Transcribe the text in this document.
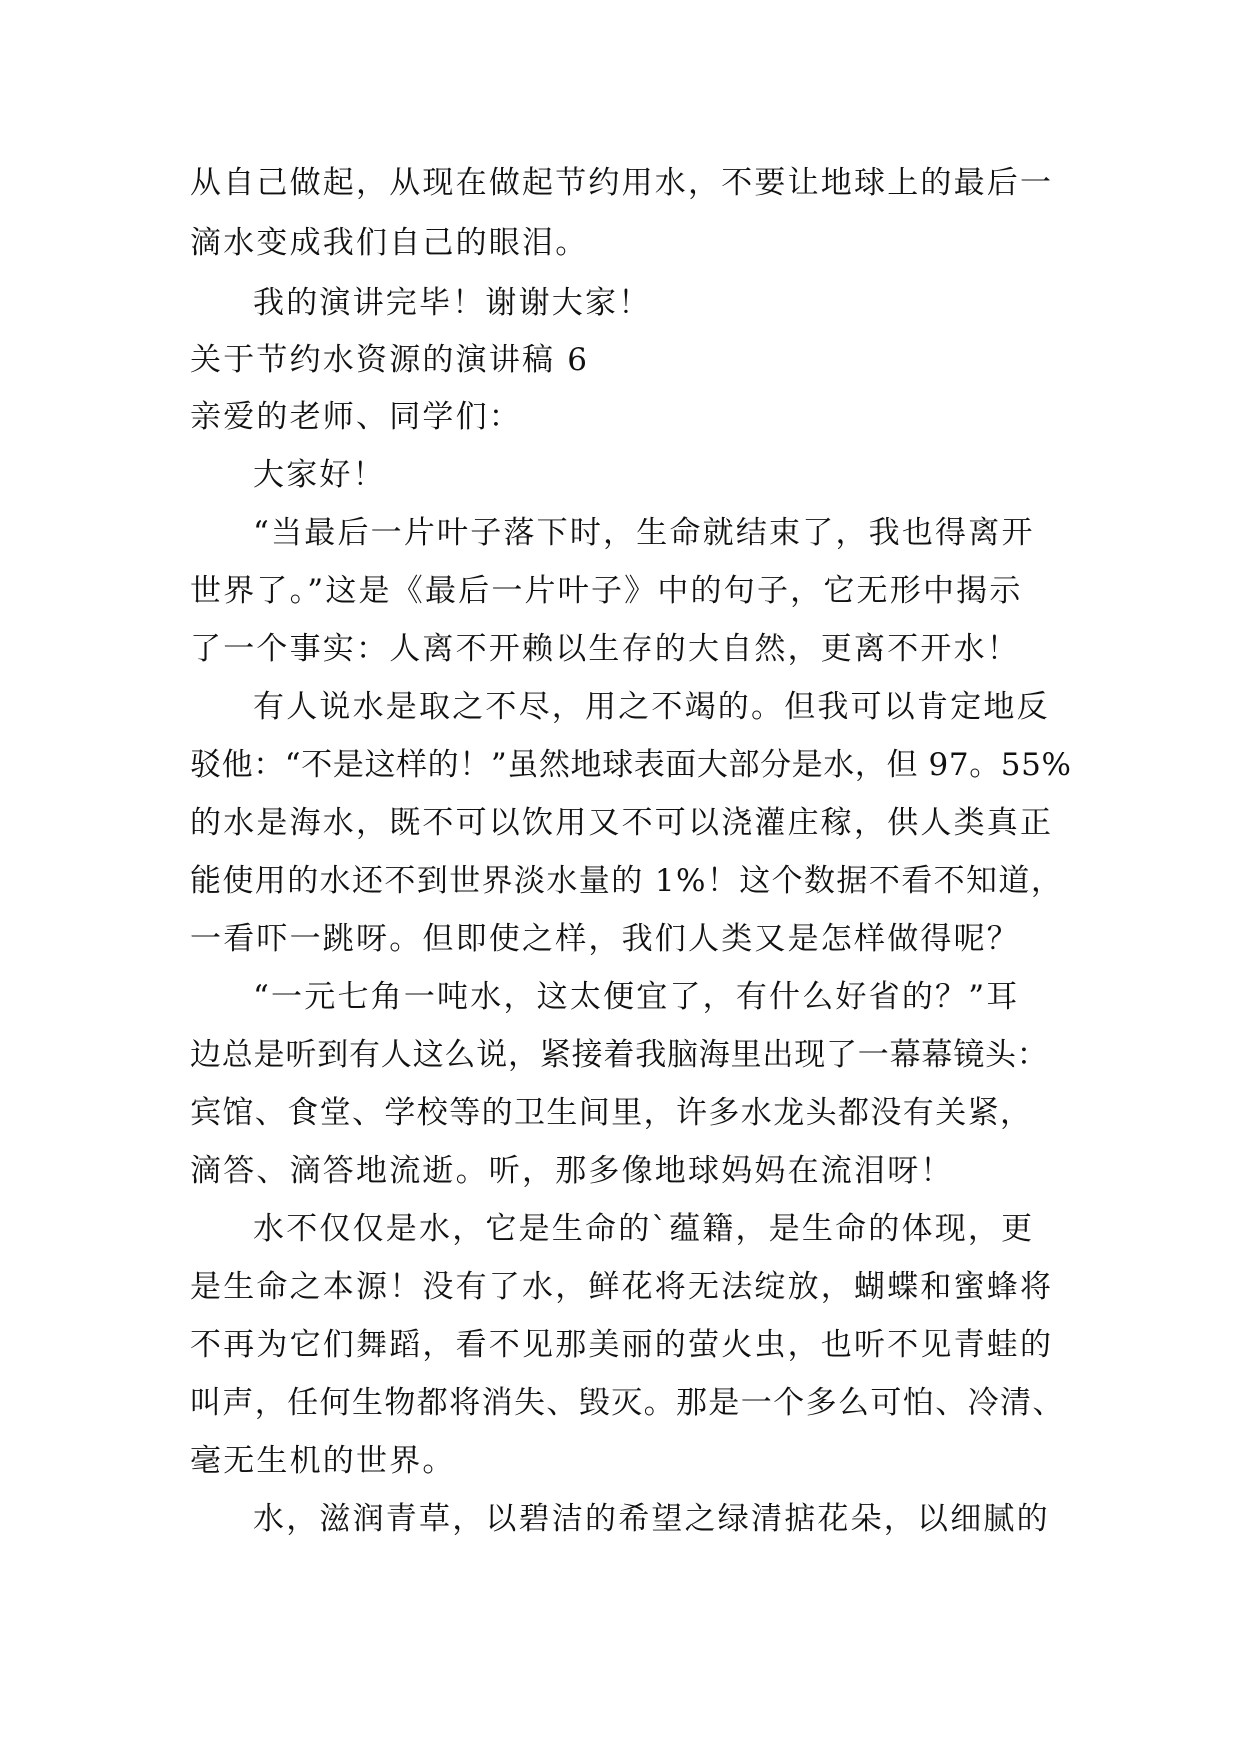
从自己做起，从现在做起节约用水，不要让地球上的最后一
滴水变成我们自己的眼泪。
我的演讲完毕！谢谢大家！
关于节约水资源的演讲稿 6
亲爱的老师、同学们：
大家好！
“当最后一片叶子落下时，生命就结束了，我也得离开
世界了。”这是《最后一片叶子》中的句子，它无形中揭示
了一个事实：人离不开赖以生存的大自然，更离不开水！
有人说水是取之不尽，用之不竭的。但我可以肯定地反
驳他：“不是这样的！”虽然地球表面大部分是水，但 97。55%
的水是海水，既不可以饮用又不可以浇灌庄稼，供人类真正
能使用的水还不到世界淡水量的 1%！这个数据不看不知道，
一看吓一跳呀。但即使之样，我们人类又是怎样做得呢？
“一元七角一吨水，这太便宜了，有什么好省的？”耳
边总是听到有人这么说，紧接着我脑海里出现了一幕幕镜头：
宾馆、食堂、学校等的卫生间里，许多水龙头都没有关紧，
滴答、滴答地流逝。听，那多像地球妈妈在流泪呀！
水不仅仅是水，它是生命的`蕴籍，是生命的体现，更
是生命之本源！没有了水，鲜花将无法绽放，蝴蝶和蜜蜂将
不再为它们舞蹈，看不见那美丽的萤火虫，也听不见青蛙的
叫声，任何生物都将消失、毁灭。那是一个多么可怕、冷清、
毫无生机的世界。
水，滋润青草，以碧洁的希望之绿清掂花朵，以细腻的
